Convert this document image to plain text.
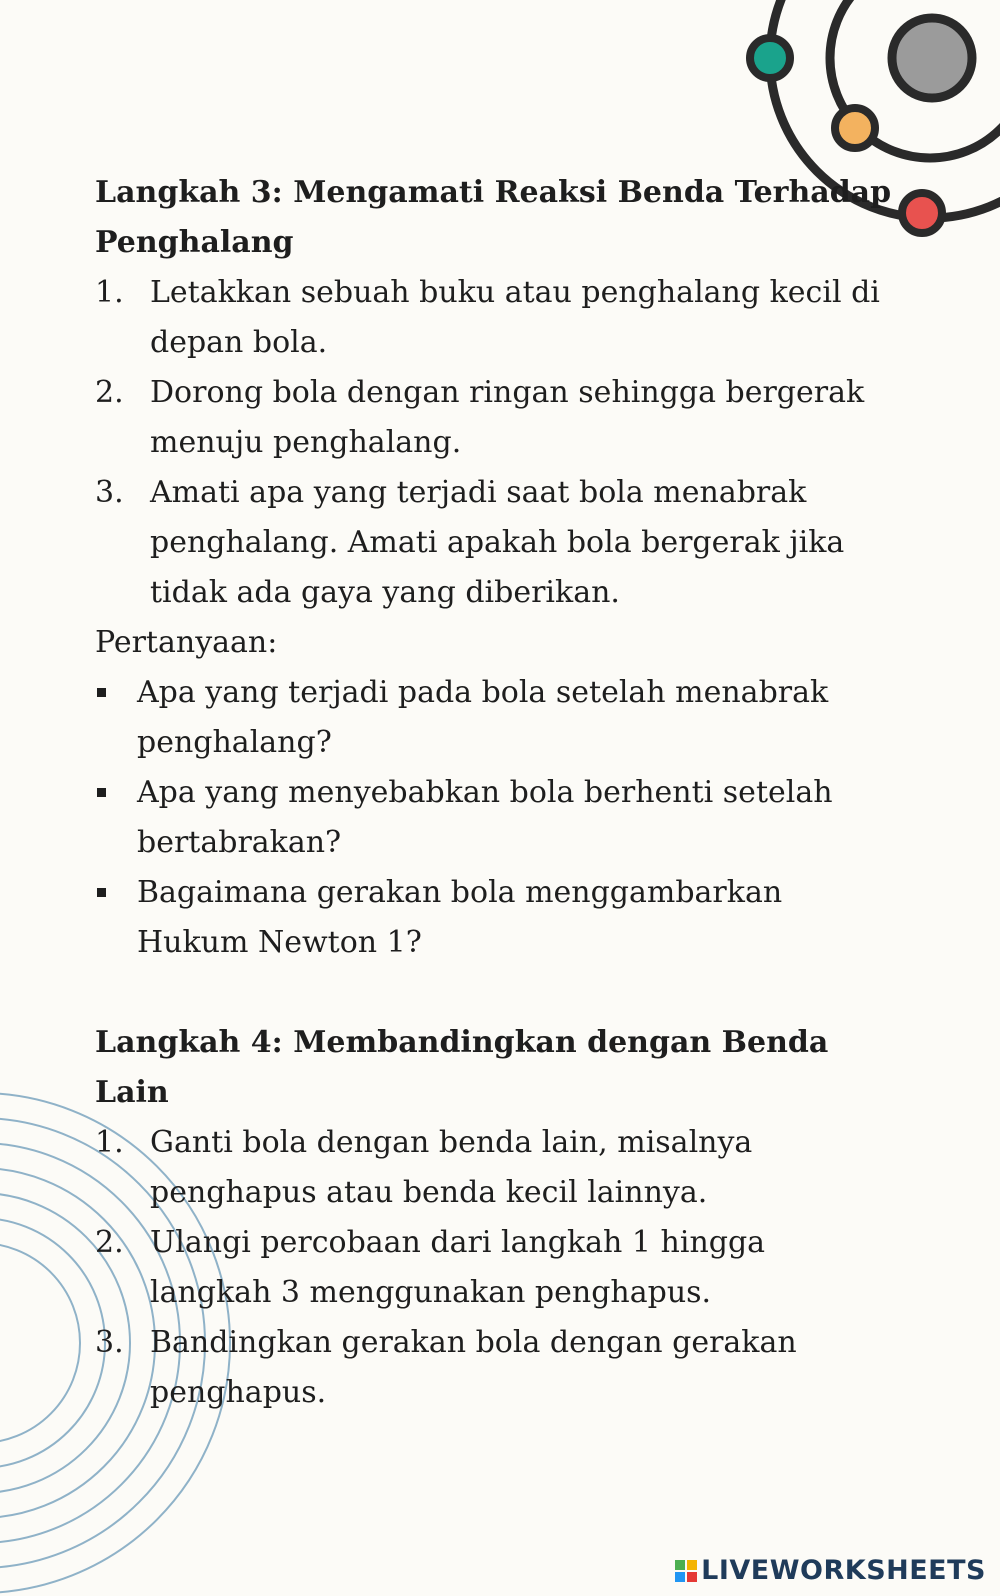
Langkah 3: Mengamati Reaksi Benda Terhadap Penghalang
1. Letakkan sebuah buku atau penghalang kecil di depan bola.
2. Dorong bola dengan ringan sehingga bergerak menuju penghalang.
3. Amati apa yang terjadi saat bola menabrak penghalang. Amati apakah bola bergerak jika tidak ada gaya yang diberikan.
Pertanyaan:
Apa yang terjadi pada bola setelah menabrak penghalang?
Apa yang menyebabkan bola berhenti setelah bertabrakan?
Bagaimana gerakan bola menggambarkan Hukum Newton 1?
Langkah 4: Membandingkan dengan Benda Lain
1. Ganti bola dengan benda lain, misalnya penghapus atau benda kecil lainnya.
2. Ulangi percobaan dari langkah 1 hingga langkah 3 menggunakan penghapus.
3. Bandingkan gerakan bola dengan gerakan penghapus.
LIVEWORKSHEETS
